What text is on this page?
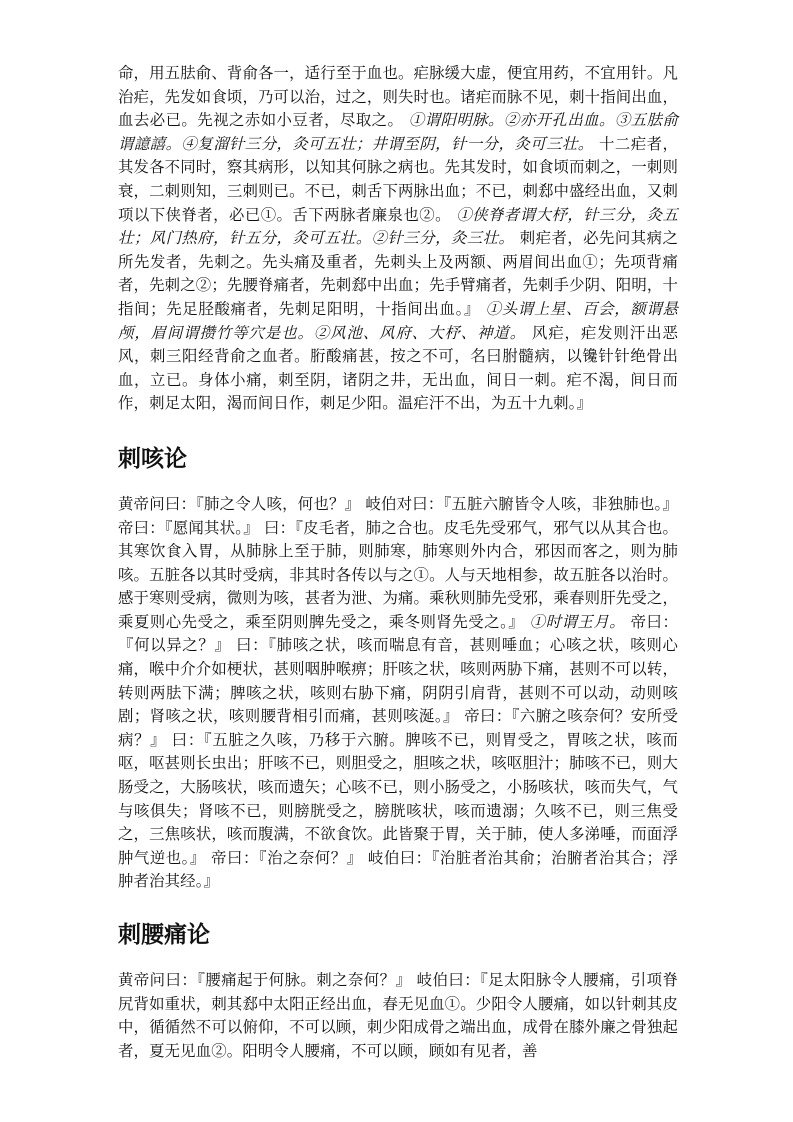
命，用五胠俞、背俞各一，适行至于血也。疟脉缓大虚，便宜用药，不宜用针。凡治疟，先发如食顷，乃可以治，过之，则失时也。诸疟而脉不见，刺十指间出血，血去必已。先视之赤如小豆者，尽取之。 ①谓阳明脉。②亦开孔出血。③五胠俞谓譩譆。④复溜针三分，灸可五壮；井谓至阴，针一分，灸可三壮。 十二疟者，其发各不同时，察其病形，以知其何脉之病也。先其发时，如食顷而刺之，一刺则衰，二刺则知，三刺则已。不已，刺舌下两脉出血；不已，刺郄中盛经出血，又刺项以下侠脊者，必已①。舌下两脉者廉泉也②。 ①侠脊者谓大杼，针三分，灸五壮；风门热府，针五分，灸可五壮。②针三分，灸三壮。 刺疟者，必先问其病之所先发者，先刺之。先头痛及重者，先刺头上及两额、两眉间出血①；先项背痛者，先刺之②；先腰脊痛者，先刺郄中出血；先手臂痛者，先刺手少阴、阳明，十指间；先足胫酸痛者，先刺足阳明，十指间出血。』 ①头谓上星、百会，额谓悬颅，眉间谓攒竹等穴是也。②风池、风府、大杼、神道。 风疟，疟发则汗出恶风，刺三阳经背俞之血者。胻酸痛甚，按之不可，名曰胕髓病，以镵针针绝骨出血，立已。身体小痛，刺至阴，诸阴之井，无出血，间日一刺。疟不渴，间日而作，刺足太阳，渴而间日作，刺足少阳。温疟汗不出，为五十九刺。』

刺咳论

黄帝问曰：『肺之令人咳，何也？』 岐伯对曰：『五脏六腑皆令人咳，非独肺也。』 帝曰：『愿闻其状。』 曰：『皮毛者，肺之合也。皮毛先受邪气，邪气以从其合也。其寒饮食入胃，从肺脉上至于肺，则肺寒，肺寒则外内合，邪因而客之，则为肺咳。五脏各以其时受病，非其时各传以与之①。人与天地相参，故五脏各以治时。感于寒则受病，微则为咳，甚者为泄、为痛。乘秋则肺先受邪，乘春则肝先受之，乘夏则心先受之，乘至阴则脾先受之，乘冬则肾先受之。』 ①时谓王月。 帝曰：『何以异之？』 曰：『肺咳之状，咳而喘息有音，甚则唾血；心咳之状，咳则心痛，喉中介介如梗状，甚则咽肿喉痹；肝咳之状，咳则两胁下痛，甚则不可以转，转则两胠下满；脾咳之状，咳则右胁下痛，阴阴引肩背，甚则不可以动，动则咳剧；肾咳之状，咳则腰背相引而痛，甚则咳涎。』 帝曰：『六腑之咳奈何？安所受病？』 曰：『五脏之久咳，乃移于六腑。脾咳不已，则胃受之，胃咳之状，咳而呕，呕甚则长虫出；肝咳不已，则胆受之，胆咳之状，咳呕胆汁；肺咳不已，则大肠受之，大肠咳状，咳而遗矢；心咳不已，则小肠受之，小肠咳状，咳而失气，气与咳俱失；肾咳不已，则膀胱受之，膀胱咳状，咳而遗溺；久咳不已，则三焦受之，三焦咳状，咳而腹满，不欲食饮。此皆聚于胃，关于肺，使人多涕唾，而面浮肿气逆也。』 帝曰：『治之奈何？』 岐伯曰：『治脏者治其俞；治腑者治其合；浮肿者治其经。』

刺腰痛论

黄帝问曰：『腰痛起于何脉。刺之奈何？』 岐伯曰：『足太阳脉令人腰痛，引项脊尻背如重状，刺其郄中太阳正经出血，春无见血①。少阳令人腰痛，如以针刺其皮中，循循然不可以俯仰，不可以顾，刺少阳成骨之端出血，成骨在膝外廉之骨独起者，夏无见血②。阳明令人腰痛，不可以顾，顾如有见者，善
